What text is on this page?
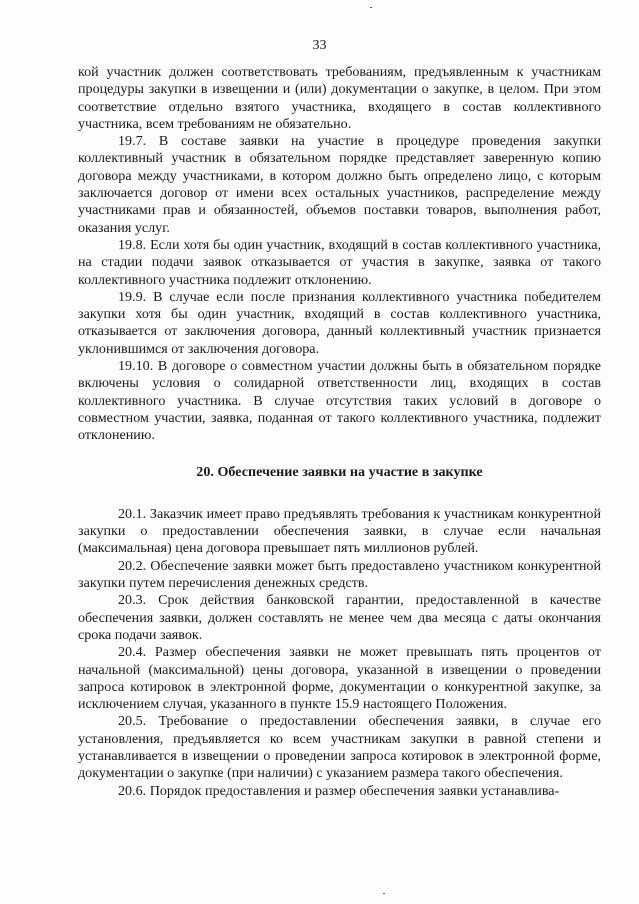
33

кой участник должен соответствовать требованиям, предъявленным к участникам процедуры закупки в извещении и (или) документации о закупке, в целом. При этом соответствие отдельно взятого участника, входящего в состав коллективного участника, всем требованиям не обязательно.

19.7. В составе заявки на участие в процедуре проведения закупки коллективный участник в обязательном порядке представляет заверенную копию договора между участниками, в котором должно быть определено лицо, с которым заключается договор от имени всех остальных участников, распределение между участниками прав и обязанностей, объемов поставки товаров, выполнения работ, оказания услуг.

19.8. Если хотя бы один участник, входящий в состав коллективного участника, на стадии подачи заявок отказывается от участия в закупке, заявка от такого коллективного участника подлежит отклонению.

19.9. В случае если после признания коллективного участника победителем закупки хотя бы один участник, входящий в состав коллективного участника, отказывается от заключения договора, данный коллективный участник признается уклонившимся от заключения договора.

19.10. В договоре о совместном участии должны быть в обязательном порядке включены условия о солидарной ответственности лиц, входящих в состав коллективного участника. В случае отсутствия таких условий в договоре о совместном участии, заявка, поданная от такого коллективного участника, подлежит отклонению.

20. Обеспечение заявки на участие в закупке

20.1. Заказчик имеет право предъявлять требования к участникам конкурентной закупки о предоставлении обеспечения заявки, в случае если начальная (максимальная) цена договора превышает пять миллионов рублей.

20.2. Обеспечение заявки может быть предоставлено участником конкурентной закупки путем перечисления денежных средств.

20.3. Срок действия банковской гарантии, предоставленной в качестве обеспечения заявки, должен составлять не менее чем два месяца с даты окончания срока подачи заявок.

20.4. Размер обеспечения заявки не может превышать пять процентов от начальной (максимальной) цены договора, указанной в извещении о проведении запроса котировок в электронной форме, документации о конкурентной закупке, за исключением случая, указанного в пункте 15.9 настоящего Положения.

20.5. Требование о предоставлении обеспечения заявки, в случае его установления, предъявляется ко всем участникам закупки в равной степени и устанавливается в извещении о проведении запроса котировок в электронной форме, документации о закупке (при наличии) с указанием размера такого обеспечения.

20.6. Порядок предоставления и размер обеспечения заявки устанавлива-
